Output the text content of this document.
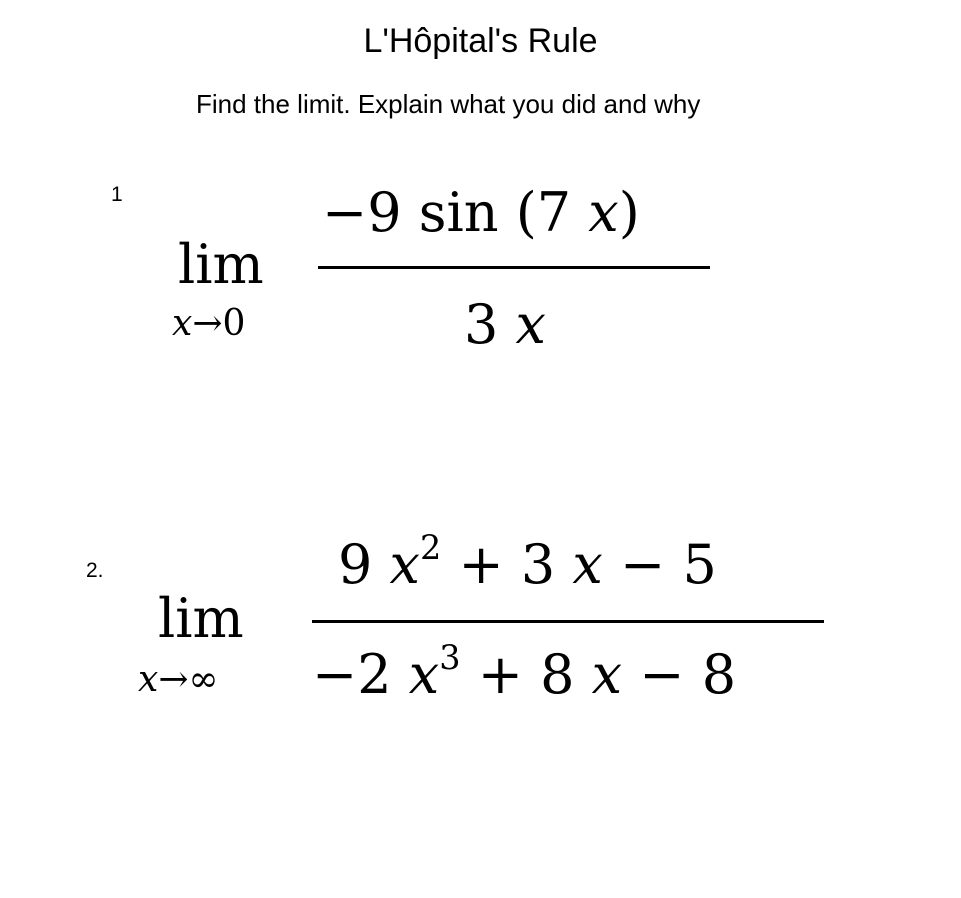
L'Hôpital's Rule
Find the limit. Explain what you did and why
1
lim
x→0
−9 sin (7 x)
3 x
2.
lim
x→∞
9 $x^2 + 3$ x − 5
−2 $x^3 + 8$ x − 8
